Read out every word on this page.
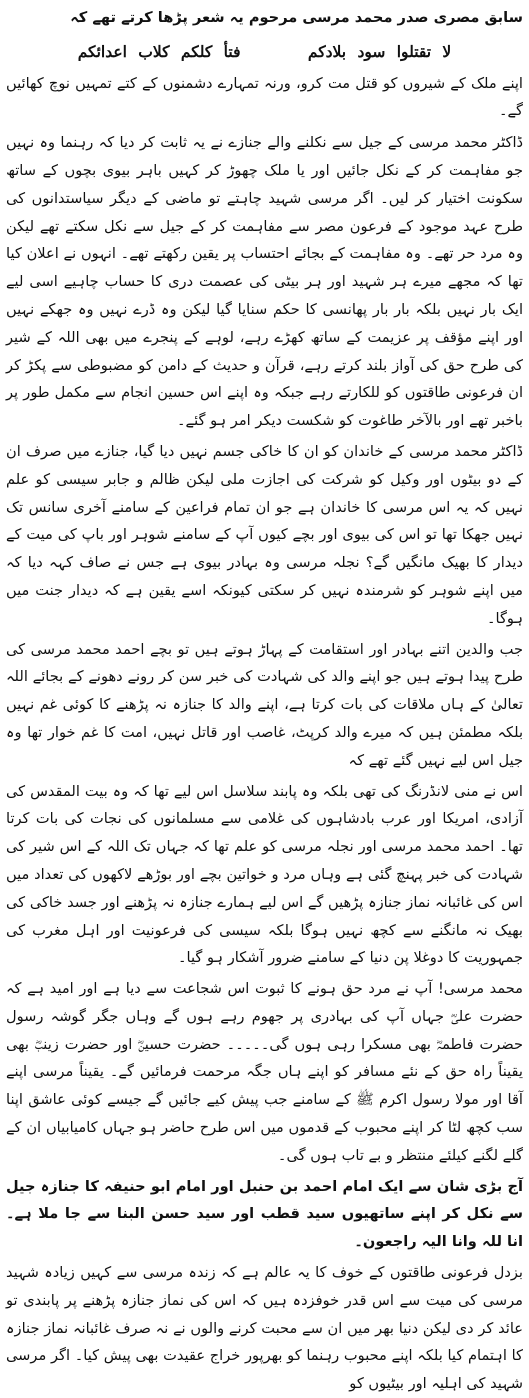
سابق مصری صدر محمد مرسی مرحوم یہ شعر پڑھا کرتے تھے کہ

لا تقتلوا سود بلادكم فتأ كلكم كلاب اعدائكم

اپنے ملک کے شیروں کو قتل مت کرو، ورنہ تمہارے دشمنوں کے کتے تمہیں نوچ کھائیں گے۔

ڈاکٹر محمد مرسی کے جیل سے نکلنے والے جنازے نے یہ ثابت کر دیا کہ رہنما وہ نہیں جو مفاہمت کر کے نکل جائیں اور یا ملک چھوڑ کر کہیں باہر بیوی بچوں کے ساتھ سکونت اختیار کر لیں۔ اگر مرسی شہید چاہتے تو ماضی کے دیگر سیاستدانوں کی طرح عہد موجود کے فرعون مصر سے مفاہمت کر کے جیل سے نکل سکتے تھے لیکن وہ مرد حر تھے۔ وہ مفاہمت کے بجائے احتساب پر یقین رکھتے تھے۔ انہوں نے اعلان کیا تھا کہ مجھے میرے ہر شہید اور ہر بیٹی کی عصمت دری کا حساب چاہیے اسی لیے ایک بار نہیں بلکہ بار بار پھانسی کا حکم سنایا گیا لیکن وہ ڈرے نہیں وہ جھکے نہیں اور اپنے مؤقف پر عزیمت کے ساتھ کھڑے رہے، لوہے کے پنجرے میں بھی اللہ کے شیر کی طرح حق کی آواز بلند کرتے رہے، قرآن و حدیث کے دامن کو مضبوطی سے پکڑ کر ان فرعونی طاقتوں کو للکارتے رہے جبکہ وہ اپنے اس حسین انجام سے مکمل طور پر باخبر تھے اور بالآخر طاغوت کو شکست دیکر امر ہو گئے۔

ڈاکٹر محمد مرسی کے خاندان کو ان کا خاکی جسم نہیں دیا گیا، جنازے میں صرف ان کے دو بیٹوں اور وکیل کو شرکت کی اجازت ملی لیکن ظالم و جابر سیسی کو علم نہیں کہ یہ اس مرسی کا خاندان ہے جو ان تمام فراعین کے سامنے آخری سانس تک نہیں جھکا تھا تو اس کی بیوی اور بچے کیوں آپ کے سامنے شوہر اور باپ کی میت کے دیدار کا بھیک مانگیں گے؟ نجلہ مرسی وہ بہادر بیوی ہے جس نے صاف کہہ دیا کہ میں اپنے شوہر کو شرمندہ نہیں کر سکتی کیونکہ اسے یقین ہے کہ دیدار جنت میں ہوگا۔

جب والدین اتنے بہادر اور استقامت کے پہاڑ ہوتے ہیں تو بچے احمد محمد مرسی کی طرح پیدا ہوتے ہیں جو اپنے والد کی شہادت کی خبر سن کر رونے دھونے کے بجائے اللہ تعالیٰ کے ہاں ملاقات کی بات کرتا ہے، اپنے والد کا جنازہ نہ پڑھنے کا کوئی غم نہیں بلکہ مطمئن ہیں کہ میرے والد کرپٹ، غاصب اور قاتل نہیں، امت کا غم خوار تھا وہ جیل اس لیے نہیں گئے تھے کہ

اس نے منی لانڈرنگ کی تھی بلکہ وہ پابند سلاسل اس لیے تھا کہ وہ بیت المقدس کی آزادی، امریکا اور عرب بادشاہوں کی غلامی سے مسلمانوں کی نجات کی بات کرتا تھا۔ احمد محمد مرسی اور نجلہ مرسی کو علم تھا کہ جہاں تک اللہ کے اس شیر کی شہادت کی خبر پہنچ گئی ہے وہاں مرد و خواتین بچے اور بوڑھے لاکھوں کی تعداد میں اس کی غائبانہ نماز جنازہ پڑھیں گے اس لیے ہمارے جنازہ نہ پڑھنے اور جسد خاکی کی بھیک نہ مانگنے سے کچھ نہیں ہوگا بلکہ سیسی کی فرعونیت اور اہل مغرب کی جمہوریت کا دوغلا پن دنیا کے سامنے ضرور آشکار ہو گیا۔

محمد مرسی! آپ نے مرد حق ہونے کا ثبوت اس شجاعت سے دیا ہے اور امید ہے کہ حضرت علیؓ جہاں آپ کی بہادری پر جھوم رہے ہوں گے وہاں جگر گوشہ رسول حضرت فاطمہؓ بھی مسکرا رہی ہوں گی۔۔۔۔۔ حضرت حسینؓ اور حضرت زینبؓ بھی یقیناً راہ حق کے نئے مسافر کو اپنے ہاں جگہ مرحمت فرمائیں گے۔ یقیناً مرسی اپنے آقا اور مولا رسول اکرم ﷺ کے سامنے جب پیش کیے جائیں گے جیسے کوئی عاشق اپنا سب کچھ لٹا کر اپنے محبوب کے قدموں میں اس طرح حاضر ہو جہاں کامیابیاں ان کے گلے لگنے کیلئے منتظر و بے تاب ہوں گی۔

آج بڑی شان سے ایک امام احمد بن حنبل اور امام ابو حنیفہ کا جنازہ جیل سے نکل کر اپنے ساتھیوں سید قطب اور سید حسن البنا سے جا ملا ہے۔ انا للہ وانا الیہ راجعون۔

بزدل فرعونی طاقتوں کے خوف کا یہ عالم ہے کہ زندہ مرسی سے کہیں زیادہ شہید مرسی کی میت سے اس قدر خوفزدہ ہیں کہ اس کی نماز جنازہ پڑھنے پر پابندی تو عائد کر دی لیکن دنیا بھر میں ان سے محبت کرنے والوں نے نہ صرف غائبانہ نماز جنازہ کا اہتمام کیا بلکہ اپنے محبوب رہنما کو بھرپور خراج عقیدت بھی پیش کیا۔ اگر مرسی شہید کی اہلیہ اور بیٹیوں کو
